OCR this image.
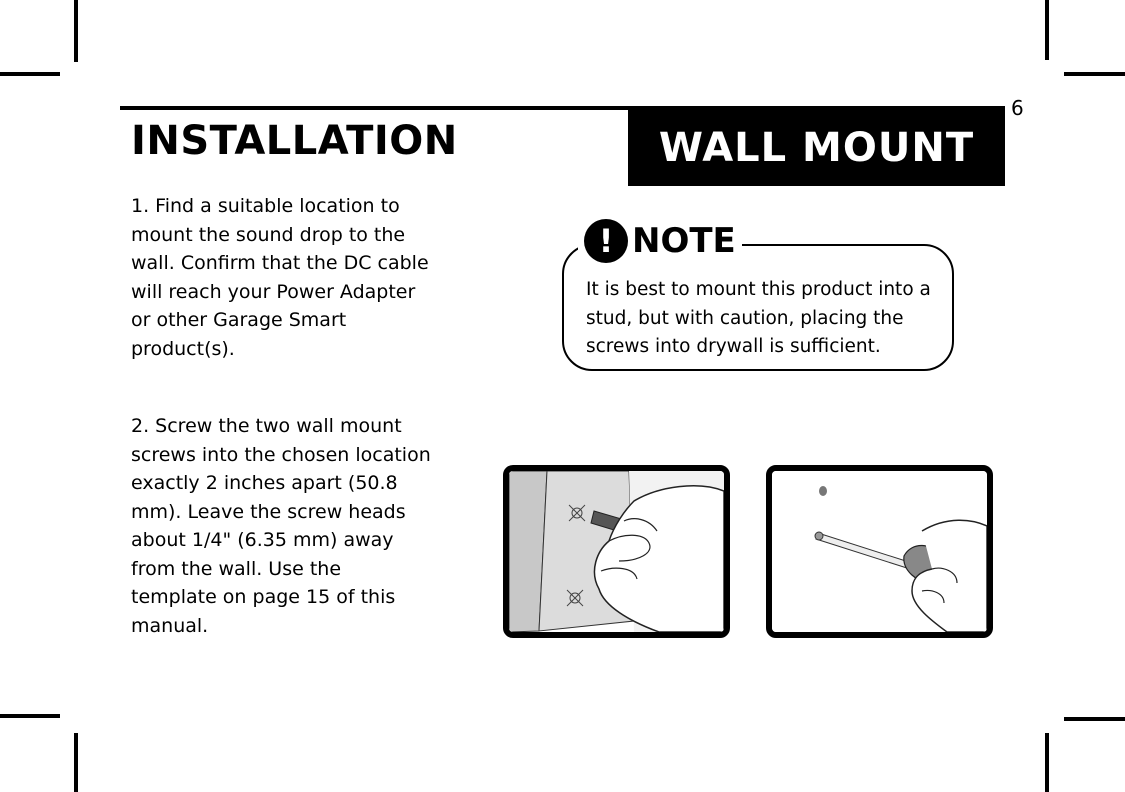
6
INSTALLATION	WALL MOUNT

1. Find a suitable location to mount the sound drop to the wall. Confirm that the DC cable will reach your Power Adapter or other Garage Smart product(s).

2. Screw the two wall mount screws into the chosen location exactly 2 inches apart (50.8 mm). Leave the screw heads about 1/4" (6.35 mm) away from the wall. Use the template on page 15 of this manual.

! NOTE

It is best to mount this product into a stud, but with caution, placing the screws into drywall is sufficient.
